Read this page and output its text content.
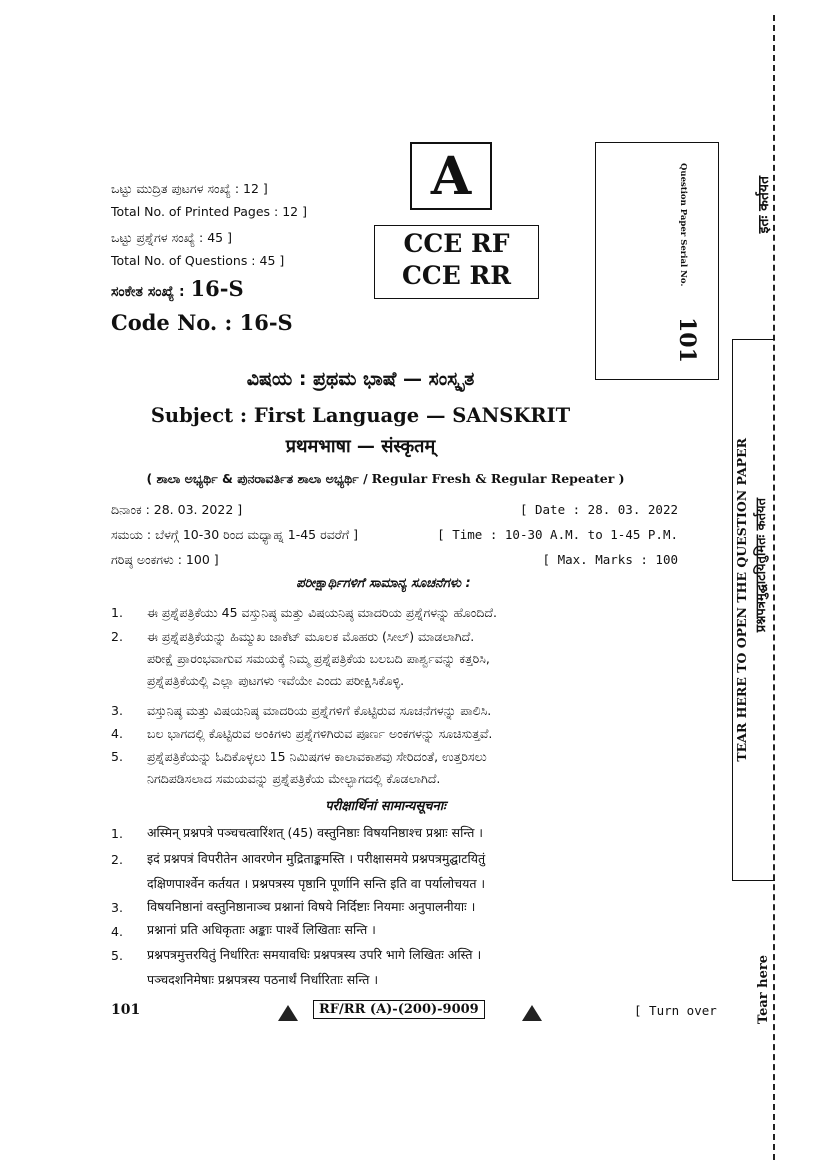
ಒಟ್ಟು ಮುದ್ರಿತ ಪುಟಗಳ ಸಂಖ್ಯೆ : 12 ]
Total No. of Printed Pages : 12 ]
ಒಟ್ಟು ಪ್ರಶ್ನೆಗಳ ಸಂಖ್ಯೆ : 45 ]
Total No. of Questions : 45 ]
ಸಂಕೇತ ಸಂಖ್ಯೆ : 16-S
Code No. : 16-S
A
CCE RF
CCE RR	Question Paper Serial No.
101
इतः कर्तयत
TEAR HERE TO OPEN THE QUESTION PAPER प्रश्नपत्रमुद्घाटयितुमितः कर्तयत
Tear here
ವಿಷಯ : ಪ್ರಥಮ ಭಾಷೆ — ಸಂಸ್ಕೃತ
Subject : First Language — SANSKRIT
प्रथमभाषा — संस्कृतम्
( ಶಾಲಾ ಅಭ್ಯರ್ಥಿ & ಪುನರಾವರ್ತಿತ ಶಾಲಾ ಅಭ್ಯರ್ಥಿ / Regular Fresh & Regular Repeater )
ದಿನಾಂಕ : 28. 03. 2022 ]	[ Date : 28. 03. 2022
ಸಮಯ : ಬೆಳಗ್ಗೆ 10-30 ರಿಂದ ಮಧ್ಯಾಹ್ನ 1-45 ರವರೆಗೆ ]	[ Time : 10-30 A.M. to 1-45 P.M.
ಗರಿಷ್ಠ ಅಂಕಗಳು : 100 ]	[ Max. Marks : 100
ಪರೀಕ್ಷಾರ್ಥಿಗಳಿಗೆ ಸಾಮಾನ್ಯ ಸೂಚನೆಗಳು :
1. ಈ ಪ್ರಶ್ನೆಪತ್ರಿಕೆಯು 45 ವಸ್ತುನಿಷ್ಠ ಮತ್ತು ವಿಷಯನಿಷ್ಠ ಮಾದರಿಯ ಪ್ರಶ್ನೆಗಳನ್ನು ಹೊಂದಿದೆ.
2. ಈ ಪ್ರಶ್ನೆಪತ್ರಿಕೆಯನ್ನು ಹಿಮ್ಮುಖ ಜಾಕೆಟ್ ಮೂಲಕ ಮೊಹರು (ಸೀಲ್) ಮಾಡಲಾಗಿದೆ.
ಪರೀಕ್ಷೆ ಪ್ರಾರಂಭವಾಗುವ ಸಮಯಕ್ಕೆ ನಿಮ್ಮ ಪ್ರಶ್ನೆಪತ್ರಿಕೆಯ ಬಲಬದಿ ಪಾರ್ಶ್ವವನ್ನು ಕತ್ತರಿಸಿ,
ಪ್ರಶ್ನೆಪತ್ರಿಕೆಯಲ್ಲಿ ಎಲ್ಲಾ ಪುಟಗಳು ಇವೆಯೇ ಎಂದು ಪರೀಕ್ಷಿಸಿಕೊಳ್ಳಿ.
3. ವಸ್ತುನಿಷ್ಠ ಮತ್ತು ವಿಷಯನಿಷ್ಠ ಮಾದರಿಯ ಪ್ರಶ್ನೆಗಳಿಗೆ ಕೊಟ್ಟಿರುವ ಸೂಚನೆಗಳನ್ನು ಪಾಲಿಸಿ.
4. ಬಲ ಭಾಗದಲ್ಲಿ ಕೊಟ್ಟಿರುವ ಅಂಕಿಗಳು ಪ್ರಶ್ನೆಗಳಿಗಿರುವ ಪೂರ್ಣ ಅಂಕಗಳನ್ನು ಸೂಚಿಸುತ್ತವೆ.
5. ಪ್ರಶ್ನೆಪತ್ರಿಕೆಯನ್ನು ಓದಿಕೊಳ್ಳಲು 15 ನಿಮಿಷಗಳ ಕಾಲಾವಕಾಶವು ಸೇರಿದಂತೆ, ಉತ್ತರಿಸಲು
ನಿಗದಿಪಡಿಸಲಾದ ಸಮಯವನ್ನು ಪ್ರಶ್ನೆಪತ್ರಿಕೆಯ ಮೇಲ್ಭಾಗದಲ್ಲಿ ಕೊಡಲಾಗಿದೆ.
परीक्षार्थिनां सामान्यसूचनाः
1. अस्मिन् प्रश्नपत्रे पञ्चचत्वारिंशत् (45) वस्तुनिष्ठाः विषयनिष्ठाश्च प्रश्नाः सन्ति ।
2. इदं प्रश्नपत्रं विपरीतेन आवरणेन मुद्रिताङ्कमस्ति । परीक्षासमये प्रश्नपत्रमुद्घाटयितुं
दक्षिणपार्श्वेन कर्तयत । प्रश्नपत्रस्य पृष्ठानि पूर्णानि सन्ति इति वा पर्यालोचयत ।
3. विषयनिष्ठानां वस्तुनिष्ठानाञ्च प्रश्नानां विषये निर्दिष्टाः नियमाः अनुपालनीयाः ।
4. प्रश्नानां प्रति अधिकृताः अङ्काः पार्श्वे लिखिताः सन्ति ।
5. प्रश्नपत्रमुत्तरयितुं निर्धारितः समयावधिः प्रश्नपत्रस्य उपरि भागे लिखितः अस्ति ।
पञ्चदशनिमेषाः प्रश्नपत्रस्य पठनार्थं निर्धारिताः सन्ति ।
101	RF/RR (A)-(200)-9009	[ Turn over
